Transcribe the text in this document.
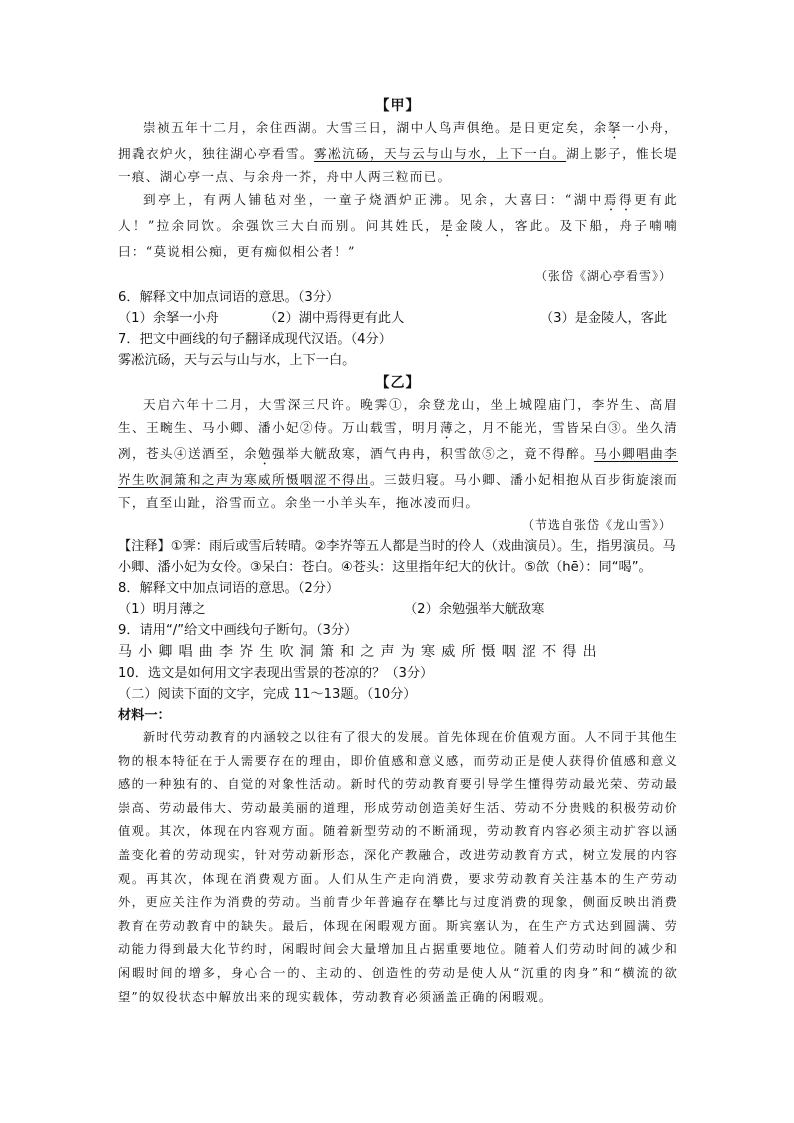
【甲】

崇祯五年十二月，余住西湖。大雪三日，湖中人鸟声俱绝。是日更定矣，余拏一小舟，拥毳衣炉火，独往湖心亭看雪。雾凇沆砀，天与云与山与水，上下一白。湖上影子，惟长堤一痕、湖心亭一点、与余舟一芥，舟中人两三粒而已。

到亭上，有两人铺毡对坐，一童子烧酒炉正沸。见余，大喜曰：“湖中焉得更有此人！”拉余同饮。余强饮三大白而别。问其姓氏，是金陵人，客此。及下船，舟子喃喃曰：“莫说相公痴，更有痴似相公者！”

（张岱《湖心亭看雪》）

6．解释文中加点词语的意思。（3分）

（1）余拏一小舟	（2）湖中焉得更有此人	（3）是金陵人，客此

7．把文中画线的句子翻译成现代汉语。（4分）

雾凇沆砀，天与云与山与水，上下一白。

【乙】

天启六年十二月，大雪深三尺许。晚霁①，余登龙山，坐上城隍庙门，李岕生、高眉生、王畹生、马小卿、潘小妃②侍。万山载雪，明月薄之，月不能光，雪皆呆白③。坐久清冽，苍头④送酒至，余勉强举大觥敌寒，酒气冉冉，积雪欱⑤之，竟不得醉。马小卿唱曲李岕生吹洞箫和之声为寒威所慑咽涩不得出。三鼓归寝。马小卿、潘小妃相抱从百步街旋滚而下，直至山趾，浴雪而立。余坐一小羊头车，拖冰凌而归。

（节选自张岱《龙山雪》）

【注释】①霁：雨后或雪后转晴。②李岕等五人都是当时的伶人（戏曲演员）。生，指男演员。马小卿、潘小妃为女伶。③呆白：苍白。④苍头：这里指年纪大的伙计。⑤欱（hē）：同“喝”。

8．解释文中加点词语的意思。（2分）

（1）明月薄之	（2）余勉强举大觥敌寒

9．请用“/”给文中画线句子断句。（3分）

马小卿唱曲李岕生吹洞箫和之声为寒威所慑咽涩不得出

10．选文是如何用文字表现出雪景的苍凉的？（3分）

（二）阅读下面的文字，完成 11～13题。（10分）

材料一：

新时代劳动教育的内涵较之以往有了很大的发展。首先体现在价值观方面。人不同于其他生物的根本特征在于人需要存在的理由，即价值感和意义感，而劳动正是使人获得价值感和意义感的一种独有的、自觉的对象性活动。新时代的劳动教育要引导学生懂得劳动最光荣、劳动最崇高、劳动最伟大、劳动最美丽的道理，形成劳动创造美好生活、劳动不分贵贱的积极劳动价值观。其次，体现在内容观方面。随着新型劳动的不断涌现，劳动教育内容必须主动扩容以涵盖变化着的劳动现实，针对劳动新形态，深化产教融合，改进劳动教育方式，树立发展的内容观。再其次，体现在消费观方面。人们从生产走向消费，要求劳动教育关注基本的生产劳动外，更应关注作为消费的劳动。当前青少年普遍存在攀比与过度消费的现象，侧面反映出消费教育在劳动教育中的缺失。最后，体现在闲暇观方面。斯宾塞认为，在生产方式达到圆满、劳动能力得到最大化节约时，闲暇时间会大量增加且占据重要地位。随着人们劳动时间的减少和闲暇时间的增多，身心合一的、主动的、创造性的劳动是使人从“沉重的肉身”和“横流的欲望”的奴役状态中解放出来的现实载体，劳动教育必须涵盖正确的闲暇观。
